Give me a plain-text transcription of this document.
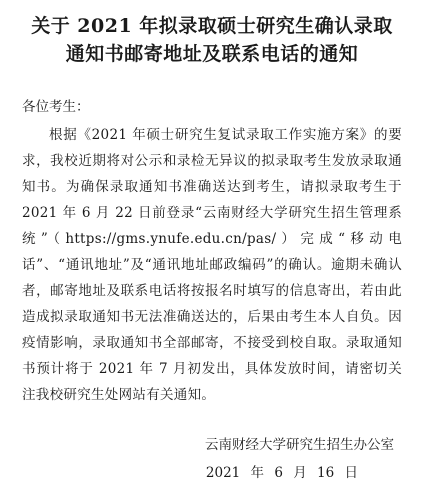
关于 2021 年拟录取硕士研究生确认录取通知书邮寄地址及联系电话的通知

各位考生：

根据《2021 年硕士研究生复试录取工作实施方案》的要求，我校近期将对公示和录检无异议的拟录取考生发放录取通知书。为确保录取通知书准确送达到考生，请拟录取考生于 2021 年 6 月 22 日前登录“云南财经大学研究生招生管理系统”（https://gms.ynufe.edu.cn/pas/）完成“移动电话”、“通讯地址”及“通讯地址邮政编码”的确认。逾期未确认者，邮寄地址及联系电话将按报名时填写的信息寄出，若由此造成拟录取通知书无法准确送达的，后果由考生本人自负。因疫情影响，录取通知书全部邮寄，不接受到校自取。录取通知书预计将于 2021 年 7 月初发出，具体发放时间，请密切关注我校研究生处网站有关通知。

云南财经大学研究生招生办公室
2021 年 6 月 16 日
